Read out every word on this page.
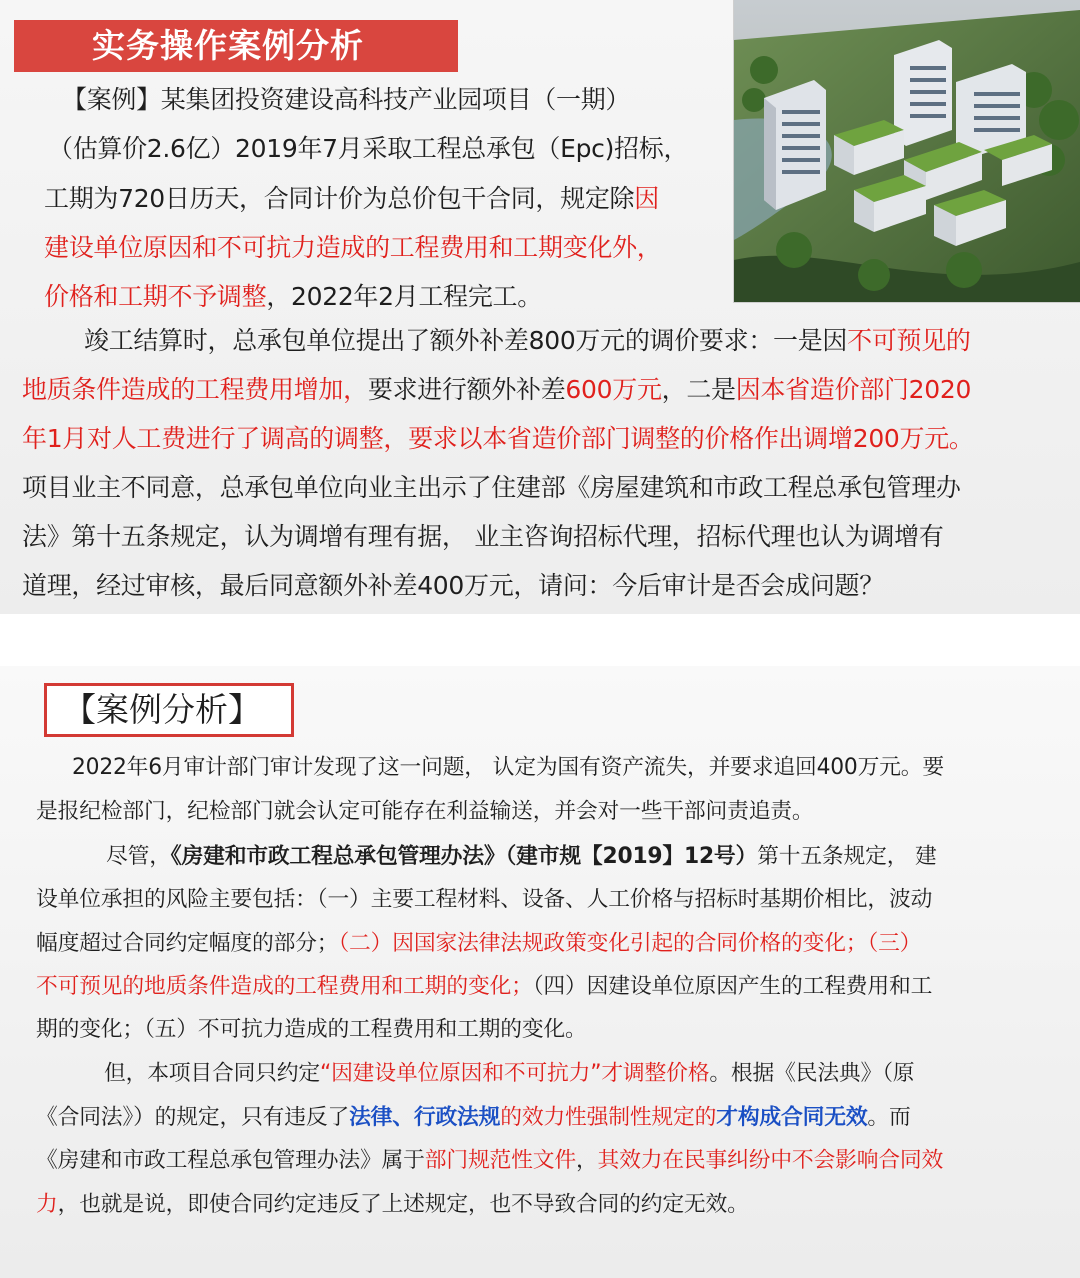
实务操作案例分析

【案例】某集团投资建设高科技产业园项目（一期）

（估算价2.6亿）2019年7月采取工程总承包（Epc)招标，

工期为720日历天，合同计价为总价包干合同，规定除因

建设单位原因和不可抗力造成的工程费用和工期变化外，

价格和工期不予调整，2022年2月工程完工。

竣工结算时，总承包单位提出了额外补差800万元的调价要求：一是因不可预见的

地质条件造成的工程费用增加，要求进行额外补差600万元，二是因本省造价部门2020

年1月对人工费进行了调高的调整，要求以本省造价部门调整的价格作出调增200万元。

项目业主不同意，总承包单位向业主出示了住建部《房屋建筑和市政工程总承包管理办

法》第十五条规定，认为调增有理有据， 业主咨询招标代理，招标代理也认为调增有

道理，经过审核，最后同意额外补差400万元，请问：今后审计是否会成问题？

【案例分析】

2022年6月审计部门审计发现了这一问题， 认定为国有资产流失，并要求追回400万元。要

是报纪检部门，纪检部门就会认定可能存在利益输送，并会对一些干部问责追责。

尽管，《房建和市政工程总承包管理办法》（建市规【2019】12号）第十五条规定， 建

设单位承担的风险主要包括：（一）主要工程材料、设备、人工价格与招标时基期价相比，波动

幅度超过合同约定幅度的部分；（二）因国家法律法规政策变化引起的合同价格的变化；（三）

不可预见的地质条件造成的工程费用和工期的变化；（四）因建设单位原因产生的工程费用和工

期的变化；（五）不可抗力造成的工程费用和工期的变化。

但，本项目合同只约定“因建设单位原因和不可抗力”才调整价格。根据《民法典》（原

《合同法》）的规定，只有违反了法律、行政法规的效力性强制性规定的才构成合同无效。而

《房建和市政工程总承包管理办法》属于部门规范性文件，其效力在民事纠纷中不会影响合同效

力，也就是说，即使合同约定违反了上述规定，也不导致合同的约定无效。
